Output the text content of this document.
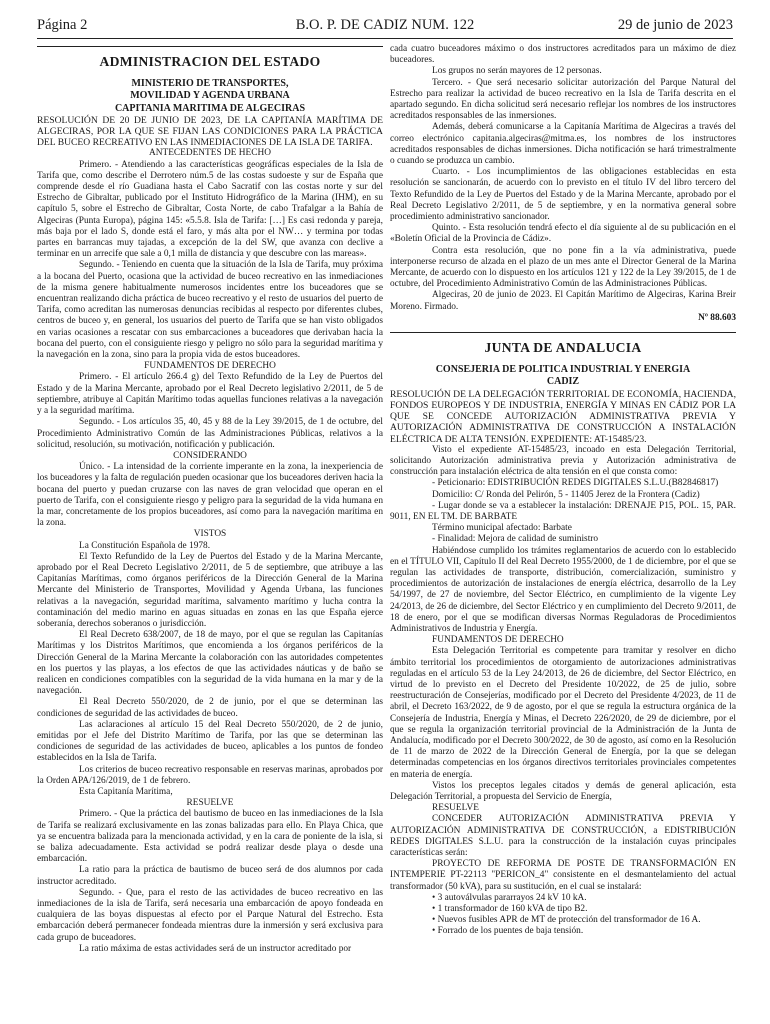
Página 2	B.O. P. DE CADIZ NUM. 122	29 de junio de 2023
ADMINISTRACION DEL ESTADO
MINISTERIO DE TRANSPORTES,
MOVILIDAD Y AGENDA URBANA
CAPITANIA MARITIMA DE ALGECIRAS

RESOLUCIÓN DE 20 DE JUNIO DE 2023, DE LA CAPITANÍA MARÍTIMA DE ALGECIRAS, POR LA QUE SE FIJAN LAS CONDICIONES PARA LA PRÁCTICA DEL BUCEO RECREATIVO EN LAS INMEDIACIONES DE LA ISLA DE TARIFA.

ANTECEDENTES DE HECHO

Primero. - Atendiendo a las características geográficas especiales de la Isla de Tarifa que, como describe el Derrotero núm.5 de las costas sudoeste y sur de España que comprende desde el río Guadiana hasta el Cabo Sacratif con las costas norte y sur del Estrecho de Gibraltar, publicado por el Instituto Hidrográfico de la Marina (IHM), en su capítulo 5, sobre el Estrecho de Gibraltar, Costa Norte, de cabo Trafalgar a la Bahía de Algeciras (Punta Europa), página 145: «5.5.8. Isla de Tarifa: […] Es casi redonda y pareja, más baja por el lado S, donde está el faro, y más alta por el NW… y termina por todas partes en barrancas muy tajadas, a excepción de la del SW, que avanza con declive a terminar en un arrecife que sale a 0,1 milla de distancia y que descubre con las mareas».

Segundo. - Teniendo en cuenta que la situación de la Isla de Tarifa, muy próxima a la bocana del Puerto, ocasiona que la actividad de buceo recreativo en las inmediaciones de la misma genere habitualmente numerosos incidentes entre los buceadores que se encuentran realizando dicha práctica de buceo recreativo y el resto de usuarios del puerto de Tarifa, como acreditan las numerosas denuncias recibidas al respecto por diferentes clubes, centros de buceo y, en general, los usuarios del puerto de Tarifa que se han visto obligados en varias ocasiones a rescatar con sus embarcaciones a buceadores que derivaban hacia la bocana del puerto, con el consiguiente riesgo y peligro no sólo para la seguridad marítima y la navegación en la zona, sino para la propia vida de estos buceadores.

FUNDAMENTOS DE DERECHO

Primero. - El artículo 266.4 g) del Texto Refundido de la Ley de Puertos del Estado y de la Marina Mercante, aprobado por el Real Decreto legislativo 2/2011, de 5 de septiembre, atribuye al Capitán Marítimo todas aquellas funciones relativas a la navegación y a la seguridad marítima.

Segundo. - Los artículos 35, 40, 45 y 88 de la Ley 39/2015, de 1 de octubre, del Procedimiento Administrativo Común de las Administraciones Públicas, relativos a la solicitud, resolución, su motivación, notificación y publicación.

CONSIDERANDO

Único. - La intensidad de la corriente imperante en la zona, la inexperiencia de los buceadores y la falta de regulación pueden ocasionar que los buceadores deriven hacia la bocana del puerto y puedan cruzarse con las naves de gran velocidad que operan en el puerto de Tarifa, con el consiguiente riesgo y peligro para la seguridad de la vida humana en la mar, concretamente de los propios buceadores, así como para la navegación marítima en la zona.

VISTOS

La Constitución Española de 1978.

El Texto Refundido de la Ley de Puertos del Estado y de la Marina Mercante, aprobado por el Real Decreto Legislativo 2/2011, de 5 de septiembre, que atribuye a las Capitanías Marítimas, como órganos periféricos de la Dirección General de la Marina Mercante del Ministerio de Transportes, Movilidad y Agenda Urbana, las funciones relativas a la navegación, seguridad marítima, salvamento marítimo y lucha contra la contaminación del medio marino en aguas situadas en zonas en las que España ejerce soberanía, derechos soberanos o jurisdicción.

El Real Decreto 638/2007, de 18 de mayo, por el que se regulan las Capitanías Marítimas y los Distritos Marítimos, que encomienda a los órganos periféricos de la Dirección General de la Marina Mercante la colaboración con las autoridades competentes en los puertos y las playas, a los efectos de que las actividades náuticas y de baño se realicen en condiciones compatibles con la seguridad de la vida humana en la mar y de la navegación.

El Real Decreto 550/2020, de 2 de junio, por el que se determinan las condiciones de seguridad de las actividades de buceo.

Las aclaraciones al artículo 15 del Real Decreto 550/2020, de 2 de junio, emitidas por el Jefe del Distrito Marítimo de Tarifa, por las que se determinan las condiciones de seguridad de las actividades de buceo, aplicables a los puntos de fondeo establecidos en la Isla de Tarifa.

Los criterios de buceo recreativo responsable en reservas marinas, aprobados por la Orden APA/126/2019, de 1 de febrero.

Esta Capitanía Marítima,

RESUELVE

Primero. - Que la práctica del bautismo de buceo en las inmediaciones de la Isla de Tarifa se realizará exclusivamente en las zonas balizadas para ello. En Playa Chica, que ya se encuentra balizada para la mencionada actividad, y en la cara de poniente de la isla, si se baliza adecuadamente. Esta actividad se podrá realizar desde playa o desde una embarcación.

La ratio para la práctica de bautismo de buceo será de dos alumnos por cada instructor acreditado.

Segundo. - Que, para el resto de las actividades de buceo recreativo en las inmediaciones de la isla de Tarifa, será necesaria una embarcación de apoyo fondeada en cualquiera de las boyas dispuestas al efecto por el Parque Natural del Estrecho. Esta embarcación deberá permanecer fondeada mientras dure la inmersión y será exclusiva para cada grupo de buceadores.

La ratio máxima de estas actividades será de un instructor acreditado por

cada cuatro buceadores máximo o dos instructores acreditados para un máximo de diez buceadores.

Los grupos no serán mayores de 12 personas.

Tercero. - Que será necesario solicitar autorización del Parque Natural del Estrecho para realizar la actividad de buceo recreativo en la Isla de Tarifa descrita en el apartado segundo. En dicha solicitud será necesario reflejar los nombres de los instructores acreditados responsables de las inmersiones.

Además, deberá comunicarse a la Capitanía Marítima de Algeciras a través del correo electrónico capitania.algeciras@mitma.es, los nombres de los instructores acreditados responsables de dichas inmersiones. Dicha notificación se hará trimestralmente o cuando se produzca un cambio.

Cuarto. - Los incumplimientos de las obligaciones establecidas en esta resolución se sancionarán, de acuerdo con lo previsto en el título IV del libro tercero del Texto Refundido de la Ley de Puertos del Estado y de la Marina Mercante, aprobado por el Real Decreto Legislativo 2/2011, de 5 de septiembre, y en la normativa general sobre procedimiento administrativo sancionador.

Quinto. - Esta resolución tendrá efecto el día siguiente al de su publicación en el «Boletín Oficial de la Provincia de Cádiz».

Contra esta resolución, que no pone fin a la vía administrativa, puede interponerse recurso de alzada en el plazo de un mes ante el Director General de la Marina Mercante, de acuerdo con lo dispuesto en los artículos 121 y 122 de la Ley 39/2015, de 1 de octubre, del Procedimiento Administrativo Común de las Administraciones Públicas.

Algeciras, 20 de junio de 2023. El Capitán Marítimo de Algeciras, Karina Breir Moreno. Firmado.

Nº 88.603

JUNTA DE ANDALUCIA
CONSEJERIA DE POLITICA INDUSTRIAL Y ENERGIA
CADIZ

RESOLUCIÓN DE LA DELEGACIÓN TERRITORIAL DE ECONOMÍA, HACIENDA, FONDOS EUROPEOS Y DE INDUSTRIA, ENERGÍA Y MINAS EN CÁDIZ POR LA QUE SE CONCEDE AUTORIZACIÓN ADMINISTRATIVA PREVIA Y AUTORIZACIÓN ADMINISTRATIVA DE CONSTRUCCIÓN A INSTALACIÓN ELÉCTRICA DE ALTA TENSIÓN. EXPEDIENTE: AT-15485/23.

Visto el expediente AT-15485/23, incoado en esta Delegación Territorial, solicitando Autorización administrativa previa y Autorización administrativa de construcción para instalación eléctrica de alta tensión en el que consta como:

- Peticionario: EDISTRIBUCIÓN REDES DIGITALES S.L.U.(B82846817)

Domicilio: C/ Ronda del Pelirón, 5 - 11405 Jerez de la Frontera (Cadiz)

- Lugar donde se va a establecer la instalación: DRENAJE P15, POL. 15, PAR. 9011, EN EL TM. DE BARBATE

Término municipal afectado: Barbate

- Finalidad: Mejora de calidad de suministro

Habiéndose cumplido los trámites reglamentarios de acuerdo con lo establecido en el TÍTULO VII, Capítulo II del Real Decreto 1955/2000, de 1 de diciembre, por el que se regulan las actividades de transporte, distribución, comercialización, suministro y procedimientos de autorización de instalaciones de energía eléctrica, desarrollo de la Ley 54/1997, de 27 de noviembre, del Sector Eléctrico, en cumplimiento de la vigente Ley 24/2013, de 26 de diciembre, del Sector Eléctrico y en cumplimiento del Decreto 9/2011, de 18 de enero, por el que se modifican diversas Normas Reguladoras de Procedimientos Administrativos de Industria y Energía.

FUNDAMENTOS DE DERECHO

Esta Delegación Territorial es competente para tramitar y resolver en dicho ámbito territorial los procedimientos de otorgamiento de autorizaciones administrativas reguladas en el artículo 53 de la Ley 24/2013, de 26 de diciembre, del Sector Eléctrico, en virtud de lo previsto en el Decreto del Presidente 10/2022, de 25 de julio, sobre reestructuración de Consejerías, modificado por el Decreto del Presidente 4/2023, de 11 de abril, el Decreto 163/2022, de 9 de agosto, por el que se regula la estructura orgánica de la Consejería de Industria, Energía y Minas, el Decreto 226/2020, de 29 de diciembre, por el que se regula la organización territorial provincial de la Administración de la Junta de Andalucía, modificado por el Decreto 300/2022, de 30 de agosto, así como en la Resolución de 11 de marzo de 2022 de la Dirección General de Energía, por la que se delegan determinadas competencias en los órganos directivos territoriales provinciales competentes en materia de energía.

Vistos los preceptos legales citados y demás de general aplicación, esta Delegación Territorial, a propuesta del Servicio de Energía,

RESUELVE

CONCEDER AUTORIZACIÓN ADMINISTRATIVA PREVIA Y AUTORIZACIÓN ADMINISTRATIVA DE CONSTRUCCIÓN, a EDISTRIBUCIÓN REDES DIGITALES S.L.U. para la construcción de la instalación cuyas principales características serán:

PROYECTO DE REFORMA DE POSTE DE TRANSFORMACIÓN EN INTEMPERIE PT-22113 "PERICON_4" consistente en el desmantelamiento del actual transformador (50 kVA), para su sustitución, en el cual se instalará:

• 3 autoválvulas pararrayos 24 kV 10 kA.

• 1 transformador de 160 kVA de tipo B2.

• Nuevos fusibles APR de MT de protección del transformador de 16 A.

• Forrado de los puentes de baja tensión.
